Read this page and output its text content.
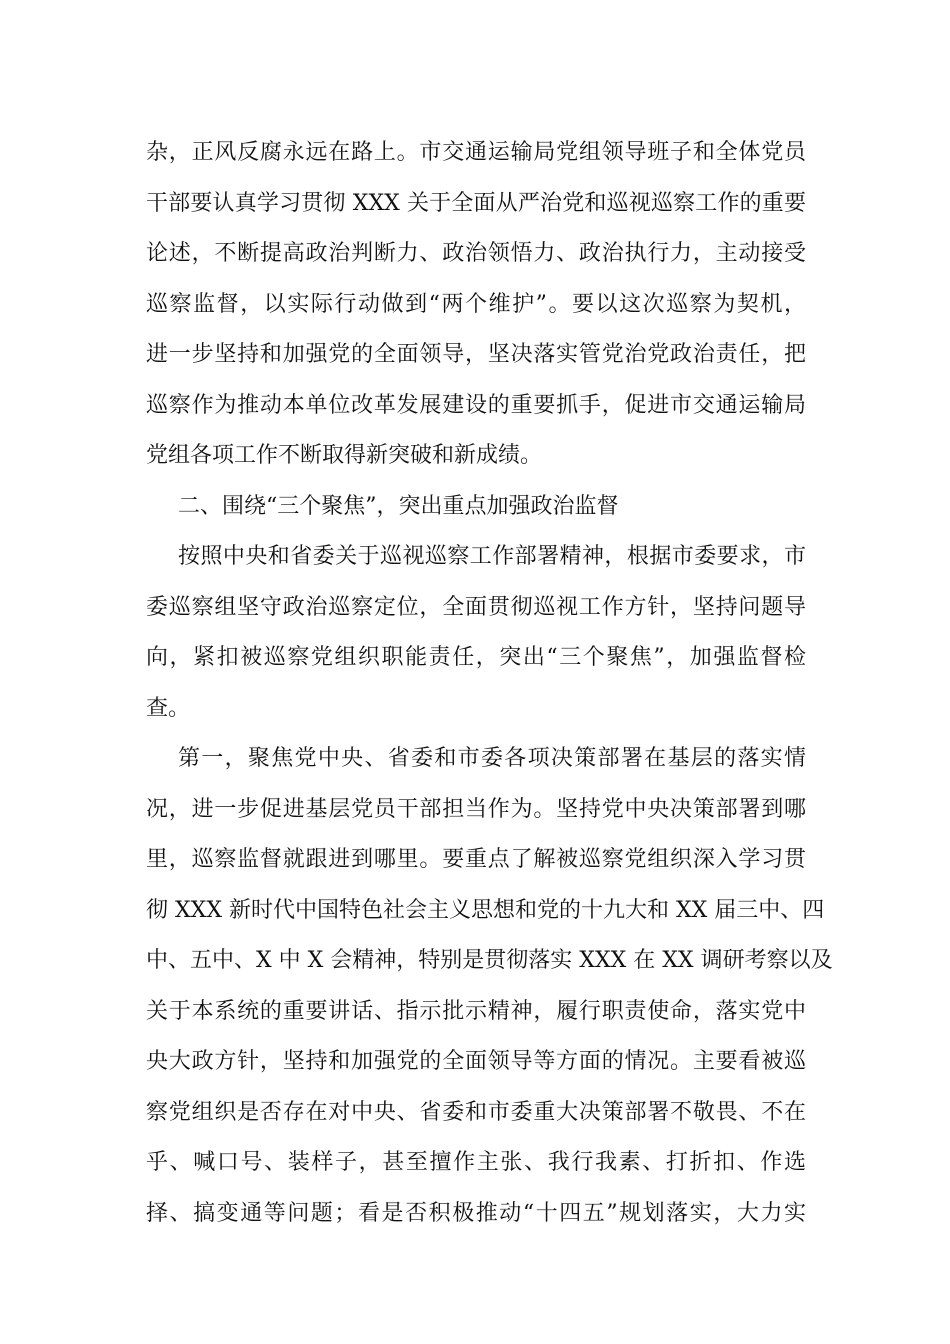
杂，正风反腐永远在路上。市交通运输局党组领导班子和全体党员
干部要认真学习贯彻 XXX 关于全面从严治党和巡视巡察工作的重要
论述，不断提高政治判断力、政治领悟力、政治执行力，主动接受
巡察监督，以实际行动做到“两个维护”。要以这次巡察为契机，
进一步坚持和加强党的全面领导，坚决落实管党治党政治责任，把
巡察作为推动本单位改革发展建设的重要抓手，促进市交通运输局
党组各项工作不断取得新突破和新成绩。
二、围绕“三个聚焦”，突出重点加强政治监督
按照中央和省委关于巡视巡察工作部署精神，根据市委要求，市
委巡察组坚守政治巡察定位，全面贯彻巡视工作方针，坚持问题导
向，紧扣被巡察党组织职能责任，突出“三个聚焦”，加强监督检
查。
第一，聚焦党中央、省委和市委各项决策部署在基层的落实情
况，进一步促进基层党员干部担当作为。坚持党中央决策部署到哪
里，巡察监督就跟进到哪里。要重点了解被巡察党组织深入学习贯
彻 XXX 新时代中国特色社会主义思想和党的十九大和 XX 届三中、四
中、五中、X 中 X 会精神，特别是贯彻落实 XXX 在 XX 调研考察以及
关于本系统的重要讲话、指示批示精神，履行职责使命，落实党中
央大政方针，坚持和加强党的全面领导等方面的情况。主要看被巡
察党组织是否存在对中央、省委和市委重大决策部署不敬畏、不在
乎、喊口号、装样子，甚至擅作主张、我行我素、打折扣、作选
择、搞变通等问题；看是否积极推动“十四五”规划落实，大力实
